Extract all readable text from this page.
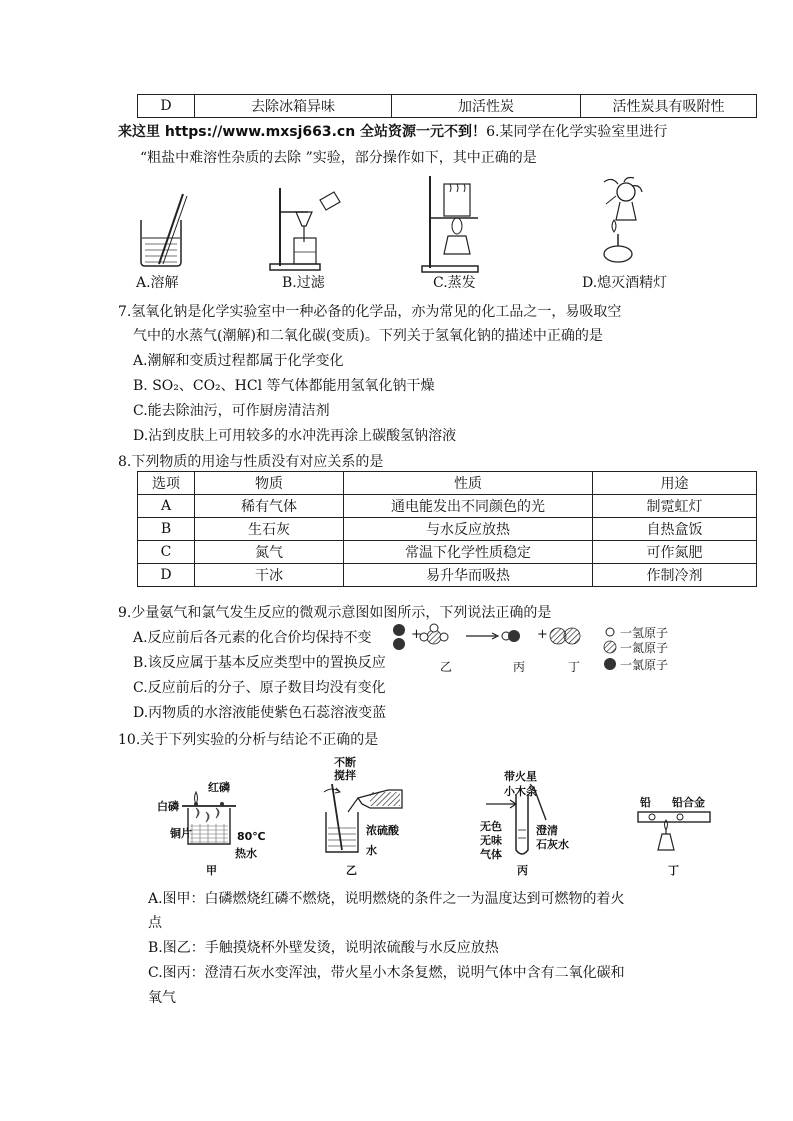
D	去除冰箱异味	加活性炭	活性炭具有吸附性
来这里 https://www.mxsj663.cn 全站资源一元不到！6.某同学在化学实验室里进行
“粗盐中难溶性杂质的去除 ”实验，部分操作如下，其中正确的是
A.溶解	B.过滤	C.蒸发	D.熄灭酒精灯
7.氢氧化钠是化学实验室中一种必备的化学品，亦为常见的化工品之一，易吸取空
气中的水蒸气(潮解)和二氧化碳(变质)。下列关于氢氧化钠的描述中正确的是
A.潮解和变质过程都属于化学变化
B. SO₂、CO₂、HCl 等气体都能用氢氧化钠干燥
C.能去除油污，可作厨房清洁剂
D.沾到皮肤上可用较多的水冲洗再涂上碳酸氢钠溶液
8.下列物质的用途与性质没有对应关系的是
选项	物质	性质	用途
A	稀有气体	通电能发出不同颜色的光	制霓虹灯
B	生石灰	与水反应放热	自热盒饭
C	氮气	常温下化学性质稳定	可作氮肥
D	干冰	易升华而吸热	作制冷剂
9.少量氨气和氯气发生反应的微观示意图如图所示，下列说法正确的是
A.反应前后各元素的化合价均保持不变
B.该反应属于基本反应类型中的置换反应
C.反应前后的分子、原子数目均没有变化
D.丙物质的水溶液能使紫色石蕊溶液变蓝
+	+
乙	丙	丁
一氢原子
一氮原子
一氯原子
10.关于下列实验的分析与结论不正确的是
红磷
白磷
铜片	80℃
热水
甲
不断
搅拌
浓硫酸
水
乙
带火星
小木条
无色
无味
气体
澄清
石灰水
丙
铅 铅合金
丁
A.图甲：白磷燃烧红磷不燃烧，说明燃烧的条件之一为温度达到可燃物的着火
点
B.图乙：手触摸烧杯外壁发烫，说明浓硫酸与水反应放热
C.图丙：澄清石灰水变浑浊，带火星小木条复燃，说明气体中含有二氧化碳和
氧气
